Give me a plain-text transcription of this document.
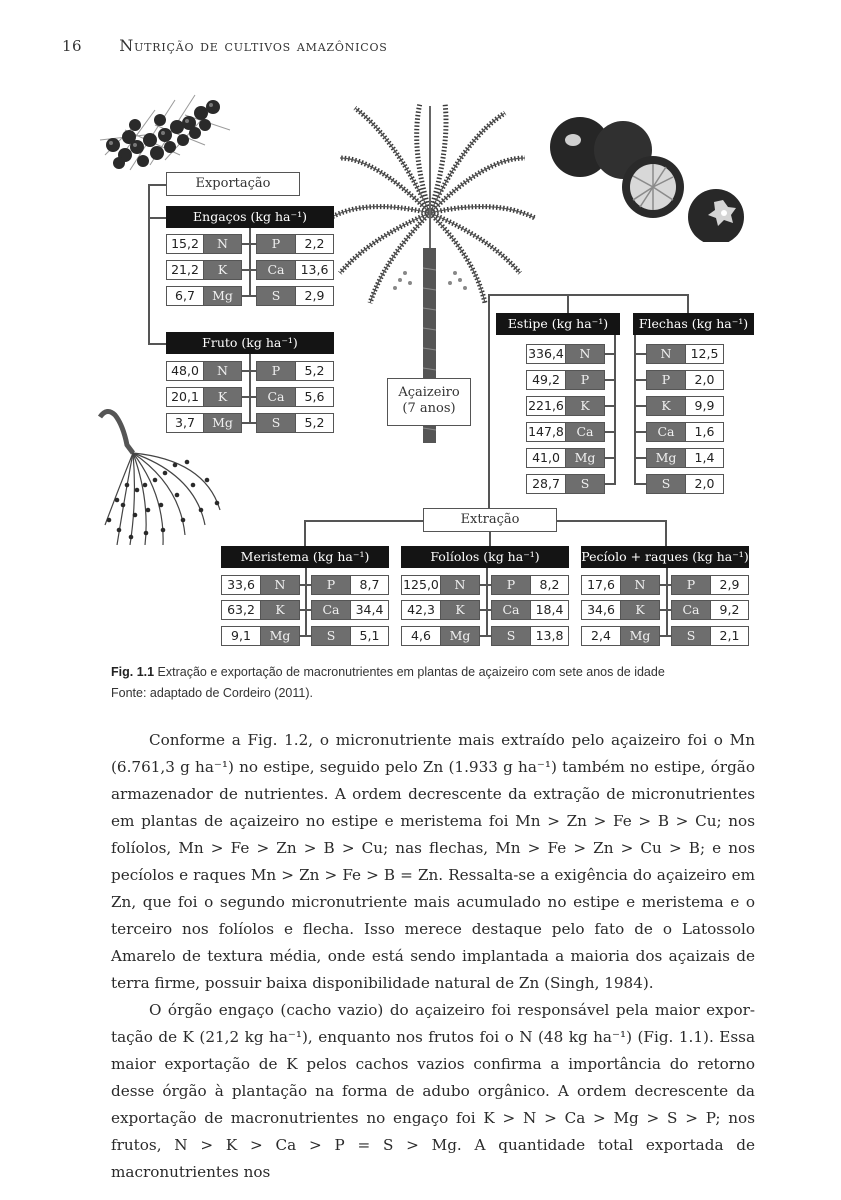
16 Nutrição de cultivos amazônicos
Exportação
Engaços (kg ha⁻¹)
15,2	N	P	2,2
21,2	K	Ca	13,6
6,7	Mg	S	2,9
Fruto (kg ha⁻¹)
48,0	N	P	5,2
20,1	K	Ca	5,6
3,7	Mg	S	5,2
Açaizeiro
(7 anos)
Estipe (kg ha⁻¹)	Flechas (kg ha⁻¹)
336,4	N
49,2	P
221,6	K
147,8	Ca
41,0	Mg
28,7	S
N	12,5
P	2,0
K	9,9
Ca	1,6
Mg	1,4
S	2,0
Extração
Meristema (kg ha⁻¹)
33,6	N	P	8,7
63,2	K	Ca	34,4
9,1	Mg	S	5,1
Folíolos (kg ha⁻¹)
125,0	N	P	8,2
42,3	K	Ca	18,4
4,6	Mg	S	13,8
Pecíolo + raques (kg ha⁻¹)
17,6	N	P	2,9
34,6	K	Ca	9,2
2,4	Mg	S	2,1
Fig. 1.1 Extração e exportação de macronutrientes em plantas de açaizeiro com sete anos de idade
Fonte: adaptado de Cordeiro (2011).

Conforme a Fig. 1.2, o micronutriente mais extraído pelo açaizeiro foi o Mn (6.761,3 g ha⁻¹) no estipe, seguido pelo Zn (1.933 g ha⁻¹) também no estipe, órgão armazenador de nutrientes. A ordem decrescente da extração de micronutrientes em plantas de açaizeiro no estipe e meristema foi Mn > Zn > Fe > B > Cu; nos folíolos, Mn > Fe > Zn > B > Cu; nas flechas, Mn > Fe > Zn > Cu > B; e nos pecíolos e raques Mn > Zn > Fe > B = Zn. Ressalta-se a exigência do açaizeiro em Zn, que foi o segundo micronutriente mais acumulado no estipe e meristema e o terceiro nos folíolos e flecha. Isso merece destaque pelo fato de o Latossolo Amarelo de textura média, onde está sendo implantada a maioria dos açaizais de terra firme, possuir baixa disponibilidade natural de Zn (Singh, 1984).

O órgão engaço (cacho vazio) do açaizeiro foi responsável pela maior exportação de K (21,2 kg ha⁻¹), enquanto nos frutos foi o N (48 kg ha⁻¹) (Fig. 1.1). Essa maior exportação de K pelos cachos vazios confirma a importância do retorno desse órgão à plantação na forma de adubo orgânico. A ordem decrescente da exportação de macronutrientes no engaço foi K > N > Ca > Mg > S > P; nos frutos, N > K > Ca > P = S > Mg. A quantidade total exportada de macronutrientes nos
